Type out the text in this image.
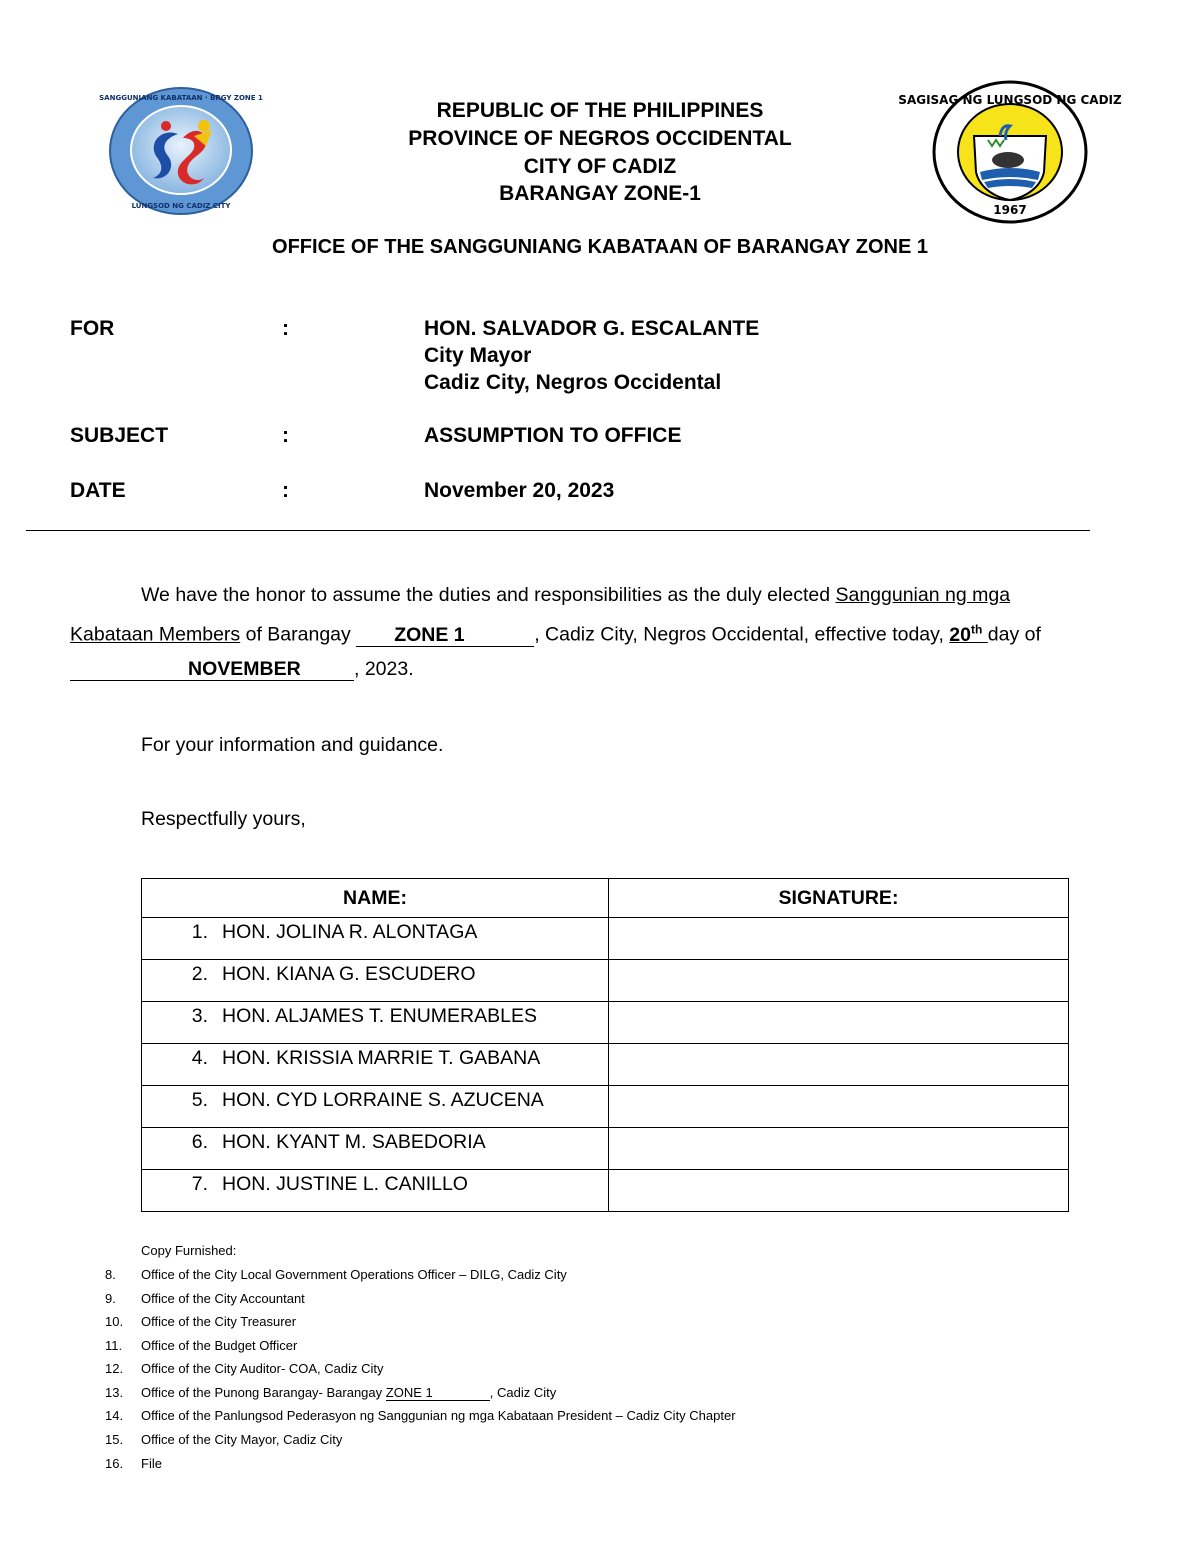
SANGGUNIANG KABATAAN · BRGY ZONE 1
LUNGSOD NG CADIZ CITY
SAGISAG NG LUNGSOD NG CADIZ
1967
REPUBLIC OF THE PHILIPPINES
PROVINCE OF NEGROS OCCIDENTAL
CITY OF CADIZ
BARANGAY ZONE-1
OFFICE OF THE SANGGUNIANG KABATAAN OF BARANGAY ZONE 1
FOR	:	HON. SALVADOR G. ESCALANTE
City Mayor
Cadiz City, Negros Occidental
SUBJECT	:	ASSUMPTION TO OFFICE
DATE	:	November 20, 2023
We have the honor to assume the duties and responsibilities as the duly elected Sanggunian ng mga
Kabataan Members of Barangay ZONE 1	, Cadiz City, Negros Occidental, effective today, 20th day of
NOVEMBER	, 2023.
For your information and guidance.
Respectfully yours,
NAME:	SIGNATURE:

1. HON. JOLINA R. ALONTAGA	

2. HON. KIANA G. ESCUDERO	

3. HON. ALJAMES T. ENUMERABLES	

4. HON. KRISSIA MARRIE T. GABANA	

5. HON. CYD LORRAINE S. AZUCENA	

6. HON. KYANT M. SABEDORIA	

7. HON. JUSTINE L. CANILLO	

Copy Furnished:
8. Office of the City Local Government Operations Officer – DILG, Cadiz City
9. Office of the City Accountant
10. Office of the City Treasurer
11. Office of the Budget Officer
12. Office of the City Auditor- COA, Cadiz City
13. Office of the Punong Barangay- Barangay ZONE 1	, Cadiz City
14. Office of the Panlungsod Pederasyon ng Sanggunian ng mga Kabataan President – Cadiz City Chapter
15. Office of the City Mayor, Cadiz City
16. File
